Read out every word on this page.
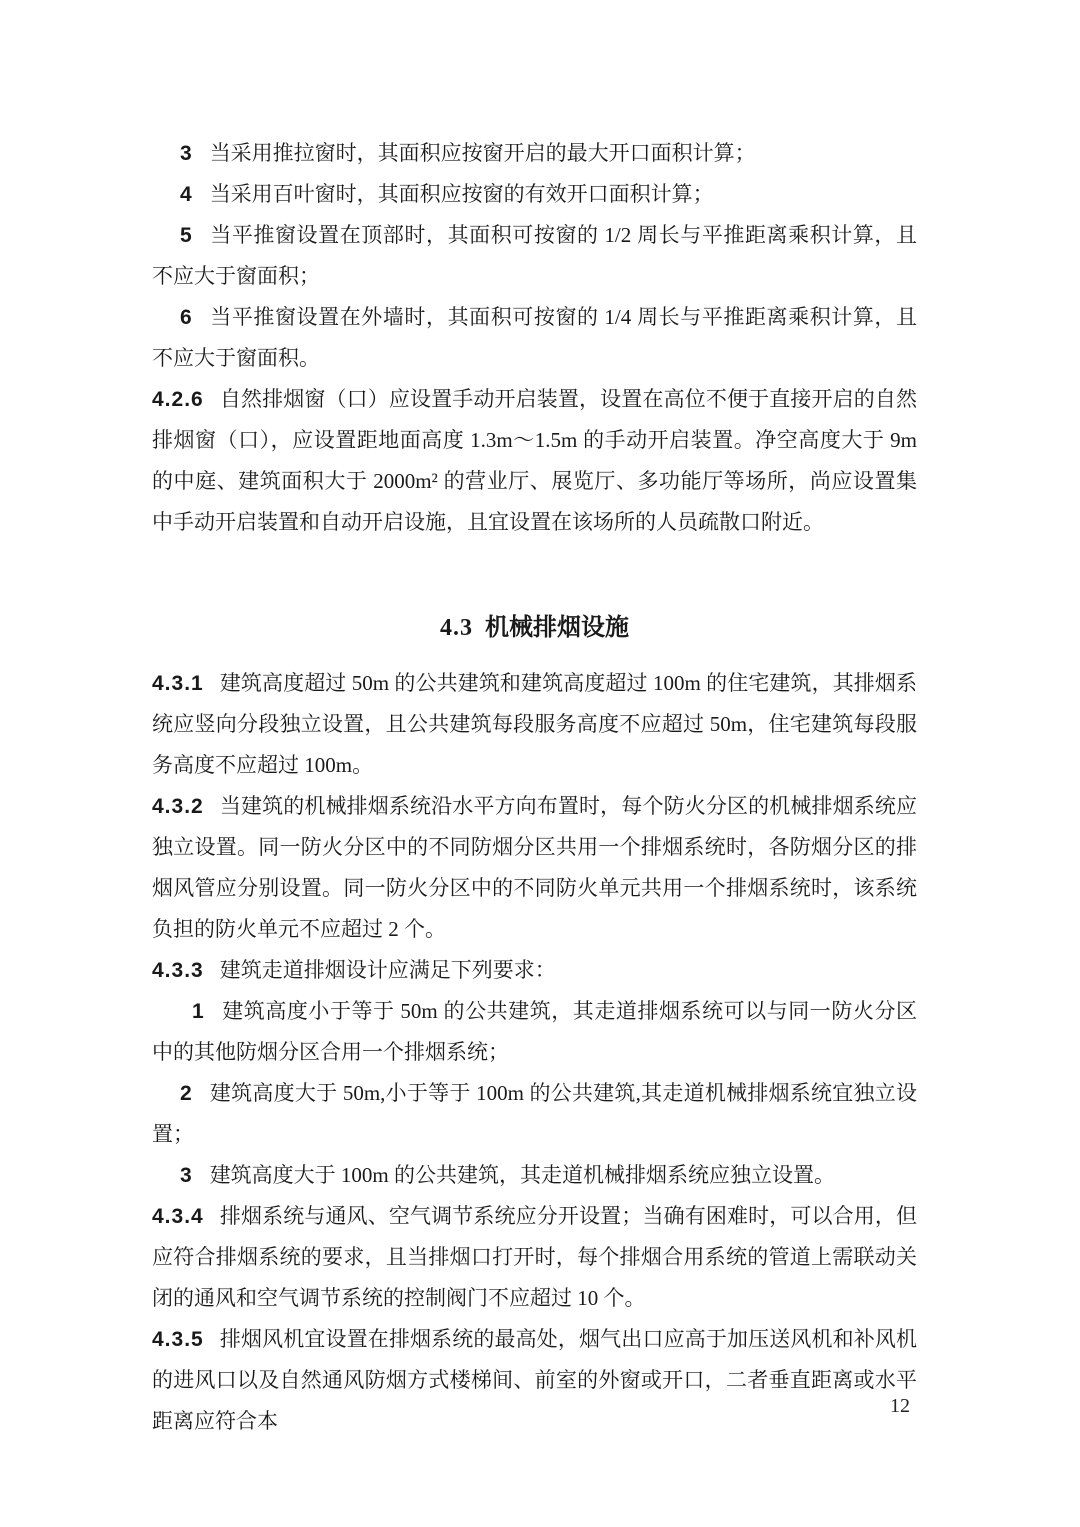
3 当采用推拉窗时，其面积应按窗开启的最大开口面积计算；

4 当采用百叶窗时，其面积应按窗的有效开口面积计算；

5 当平推窗设置在顶部时，其面积可按窗的 1/2 周长与平推距离乘积计算，且不应大于窗面积；

6 当平推窗设置在外墙时，其面积可按窗的 1/4 周长与平推距离乘积计算，且不应大于窗面积。

4.2.6 自然排烟窗（口）应设置手动开启装置，设置在高位不便于直接开启的自然排烟窗（口），应设置距地面高度 1.3m～1.5m 的手动开启装置。净空高度大于 9m 的中庭、建筑面积大于 2000m² 的营业厅、展览厅、多功能厅等场所，尚应设置集中手动开启装置和自动开启设施，且宜设置在该场所的人员疏散口附近。

4.3 机械排烟设施

4.3.1 建筑高度超过 50m 的公共建筑和建筑高度超过 100m 的住宅建筑，其排烟系统应竖向分段独立设置，且公共建筑每段服务高度不应超过 50m，住宅建筑每段服务高度不应超过 100m。

4.3.2 当建筑的机械排烟系统沿水平方向布置时，每个防火分区的机械排烟系统应独立设置。同一防火分区中的不同防烟分区共用一个排烟系统时，各防烟分区的排烟风管应分别设置。同一防火分区中的不同防火单元共用一个排烟系统时，该系统负担的防火单元不应超过 2 个。

4.3.3 建筑走道排烟设计应满足下列要求：

1 建筑高度小于等于 50m 的公共建筑，其走道排烟系统可以与同一防火分区中的其他防烟分区合用一个排烟系统；

2 建筑高度大于 50m,小于等于 100m 的公共建筑,其走道机械排烟系统宜独立设置；

3 建筑高度大于 100m 的公共建筑，其走道机械排烟系统应独立设置。

4.3.4 排烟系统与通风、空气调节系统应分开设置；当确有困难时，可以合用，但应符合排烟系统的要求，且当排烟口打开时，每个排烟合用系统的管道上需联动关闭的通风和空气调节系统的控制阀门不应超过 10 个。

4.3.5 排烟风机宜设置在排烟系统的最高处，烟气出口应高于加压送风机和补风机的进风口以及自然通风防烟方式楼梯间、前室的外窗或开口，二者垂直距离或水平距离应符合本

12
